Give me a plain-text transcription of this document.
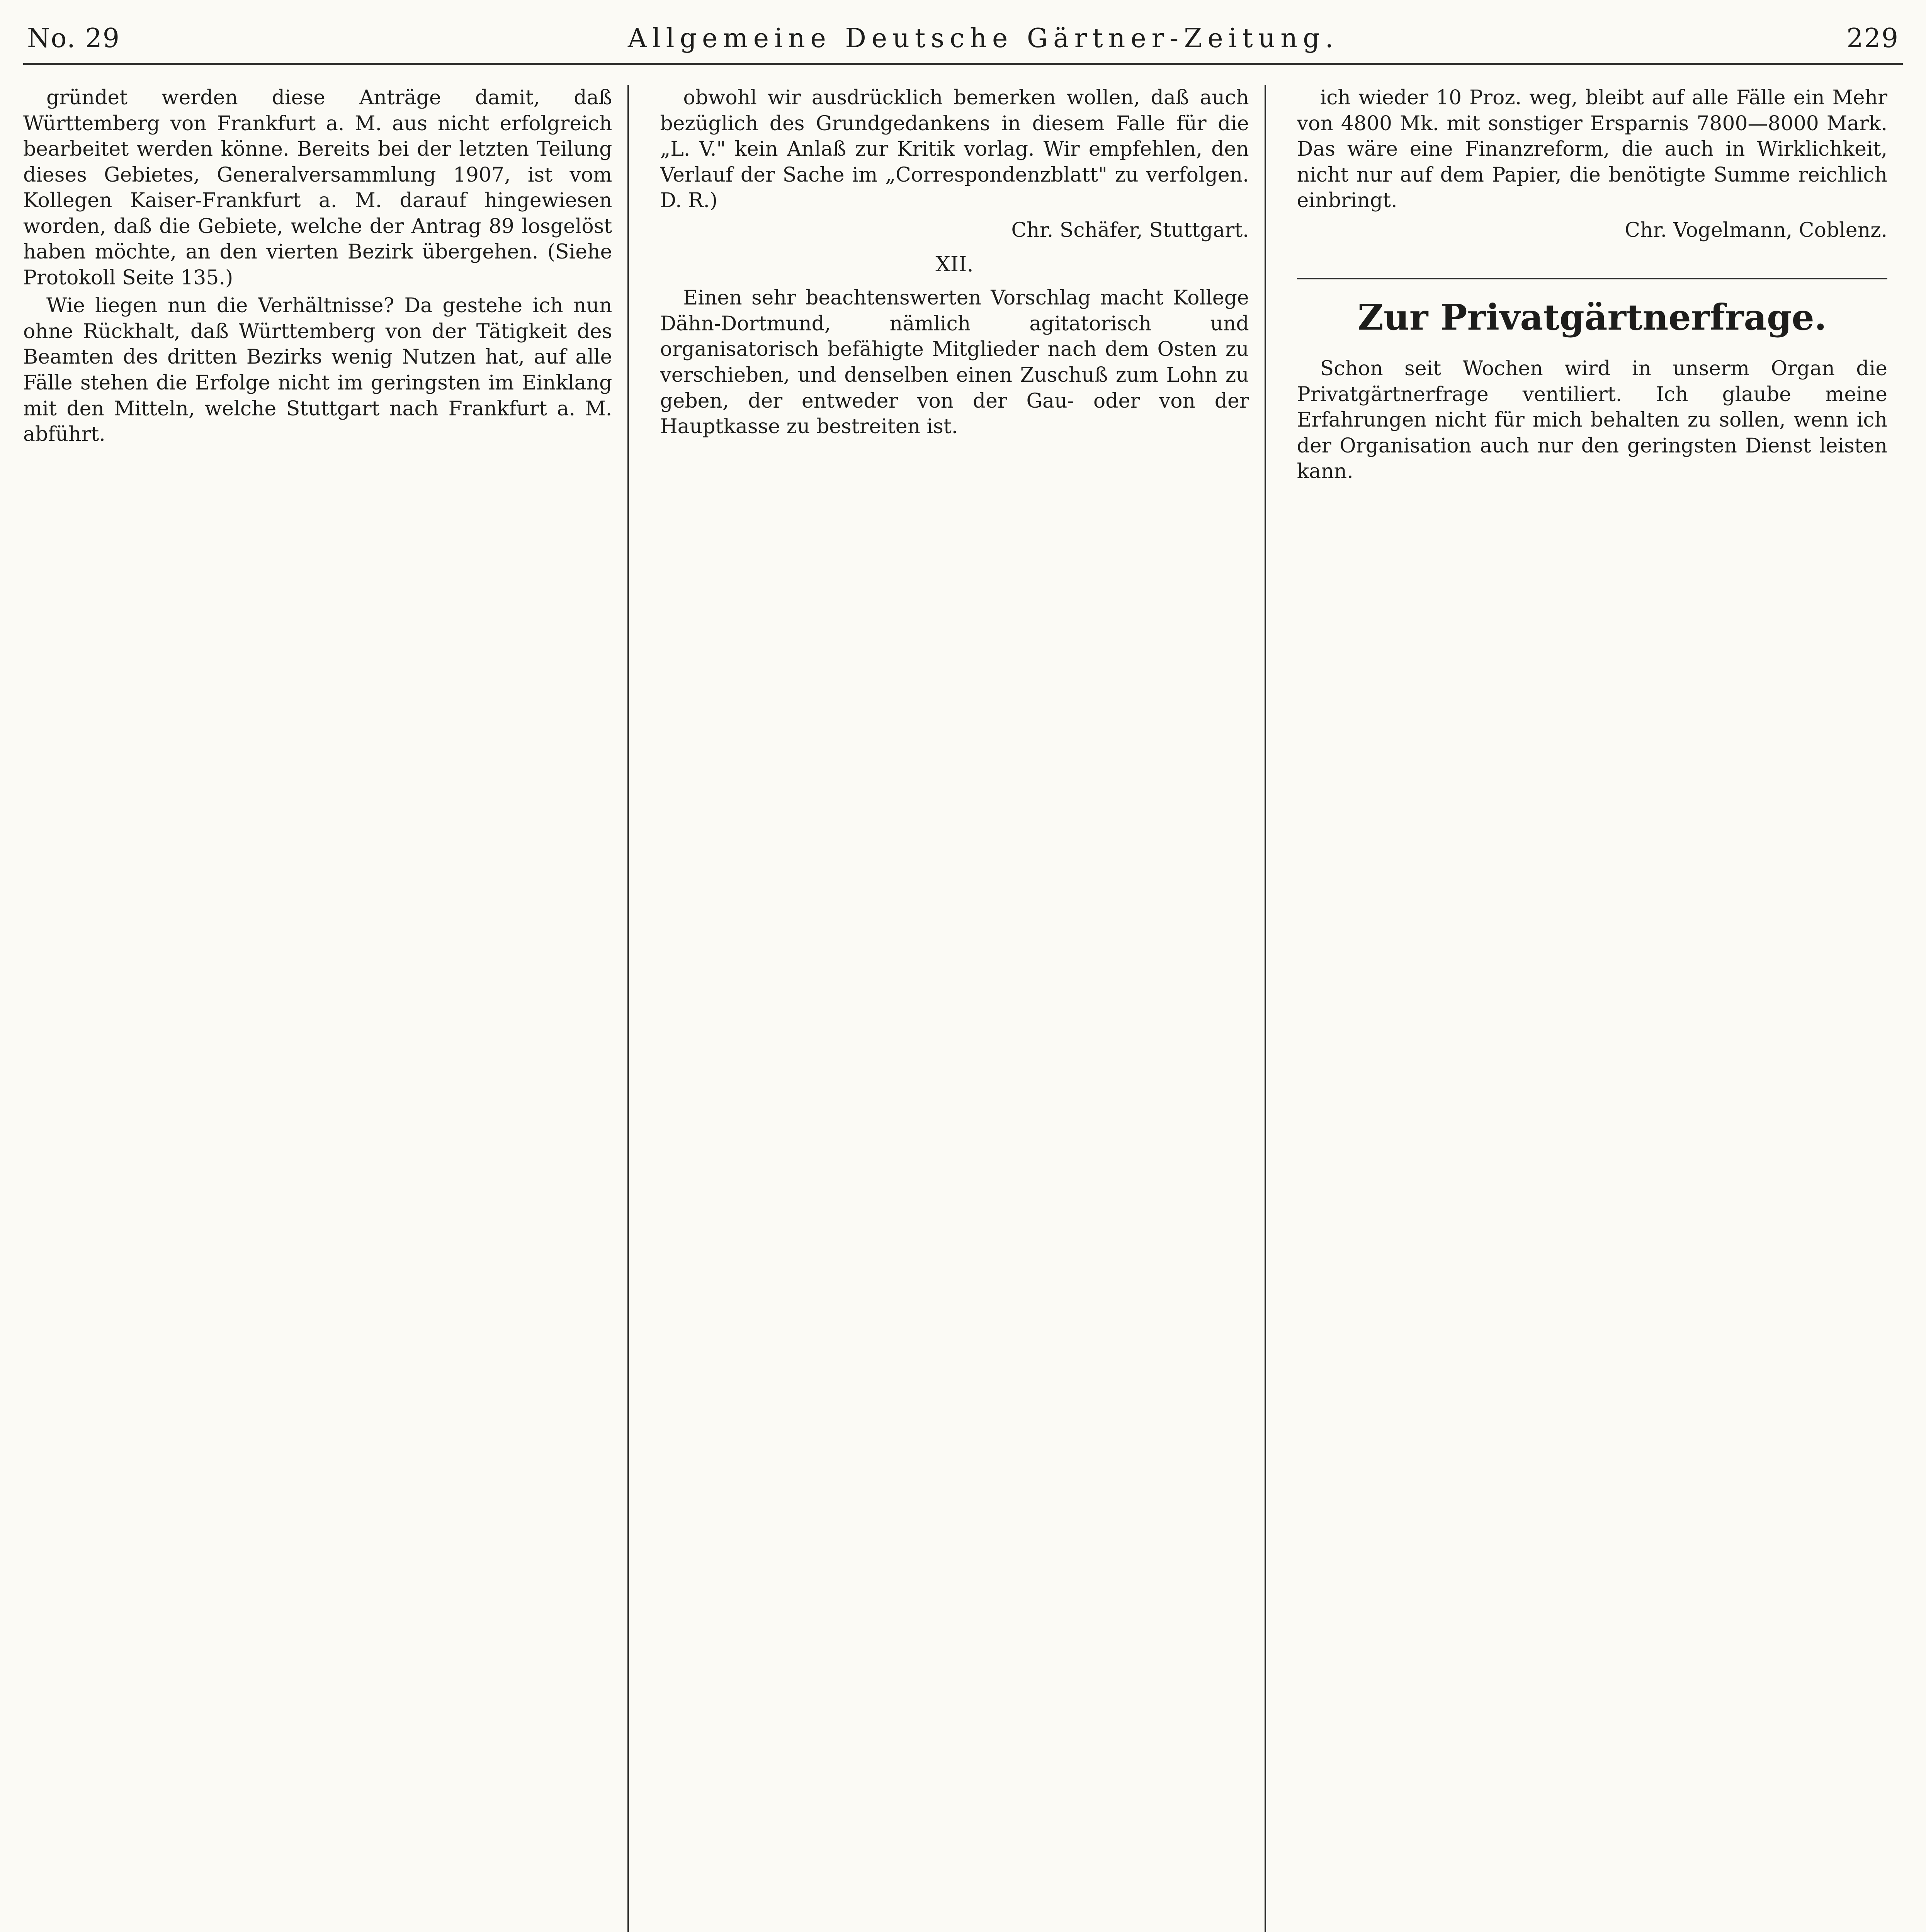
No. 29	Allgemeine Deutsche Gärtner-Zeitung.	229

gründet werden diese Anträge damit, daß Württemberg von Frankfurt a. M. aus nicht erfolgreich bearbeitet werden könne. Bereits bei der letzten Teilung dieses Gebietes, Generalversammlung 1907, ist vom Kollegen Kaiser-Frankfurt a. M. darauf hingewiesen worden, daß die Gebiete, welche der Antrag 89 losgelöst haben möchte, an den vierten Bezirk übergehen. (Siehe Protokoll Seite 135.)

Wie liegen nun die Verhältnisse? Da gestehe ich nun ohne Rückhalt, daß Württemberg von der Tätigkeit des Beamten des dritten Bezirks wenig Nutzen hat, auf alle Fälle stehen die Erfolge nicht im geringsten im Einklang mit den Mitteln, welche Stuttgart nach Frankfurt a. M. abführt.

obwohl wir ausdrücklich bemerken wollen, daß auch bezüglich des Grundgedankens in diesem Falle für die „L. V." kein Anlaß zur Kritik vorlag. Wir empfehlen, den Verlauf der Sache im „Correspondenzblatt" zu verfolgen. D. R.)

Chr. Schäfer, Stuttgart.
XII.

Einen sehr beachtenswerten Vorschlag macht Kollege Dähn-Dortmund, nämlich agitatorisch und organisatorisch befähigte Mitglieder nach dem Osten zu verschieben, und denselben einen Zuschuß zum Lohn zu geben, der entweder von der Gau- oder von der Hauptkasse zu bestreiten ist.

ich wieder 10 Proz. weg, bleibt auf alle Fälle ein Mehr von 4800 Mk. mit sonstiger Ersparnis 7800—8000 Mark. Das wäre eine Finanzreform, die auch in Wirklichkeit, nicht nur auf dem Papier, die benötigte Summe reichlich einbringt.

Chr. Vogelmann, Coblenz.
Zur Privatgärtnerfrage.

Schon seit Wochen wird in unserm Organ die Privatgärtnerfrage ventiliert. Ich glaube meine Erfahrungen nicht für mich behalten zu sollen, wenn ich der Organisation auch nur den geringsten Dienst leisten kann.
